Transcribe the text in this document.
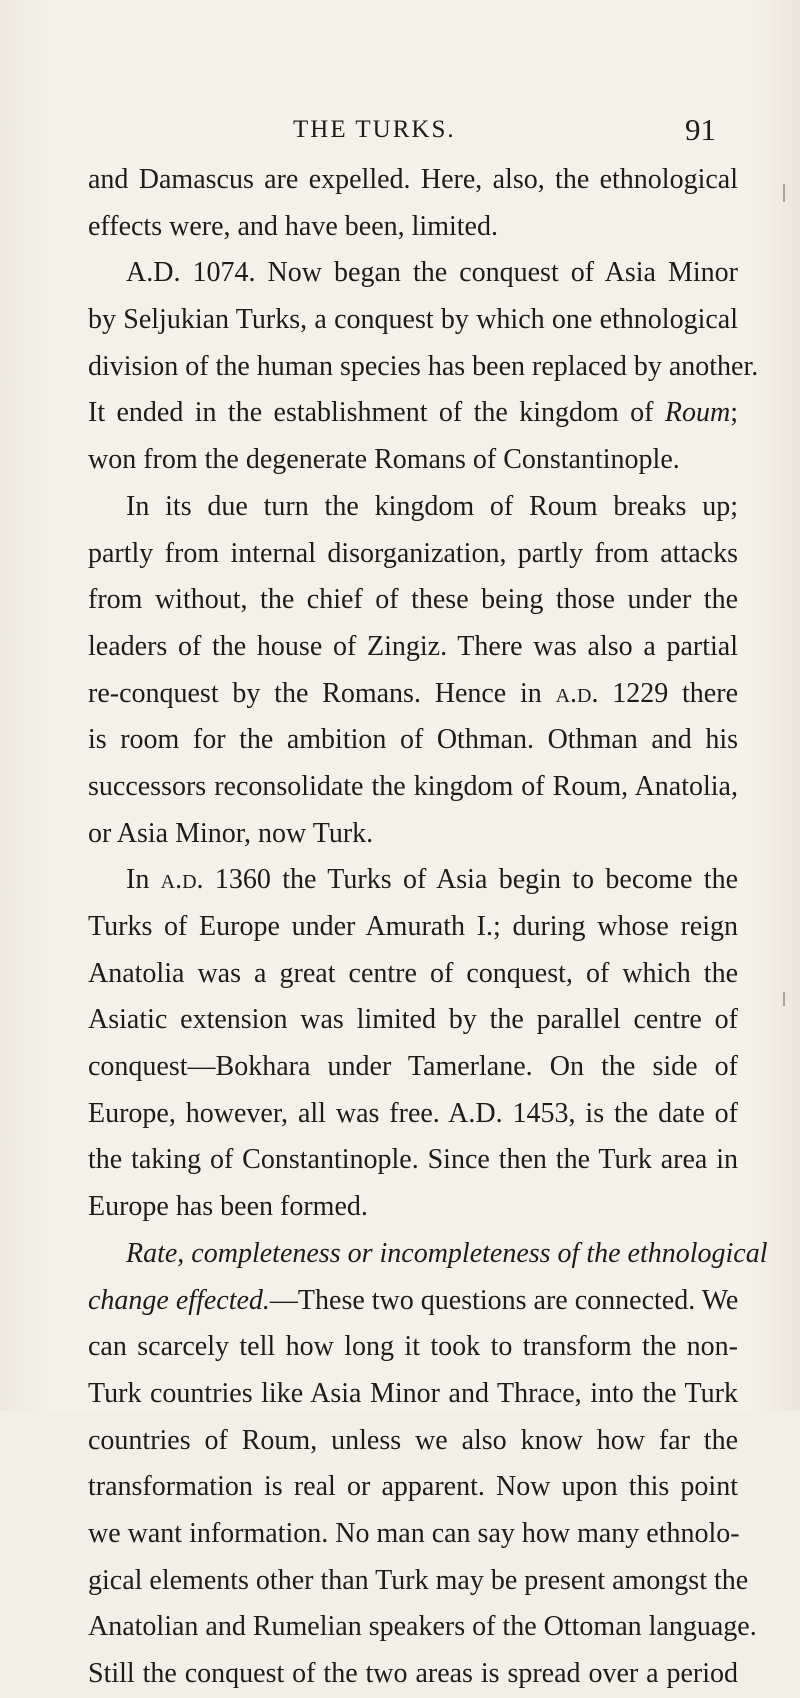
THE TURKS.	91
and Damascus are expelled. Here, also, the ethnological
effects were, and have been, limited.
A.D. 1074. Now began the conquest of Asia Minor
by Seljukian Turks, a conquest by which one ethnological
division of the human species has been replaced by another.
It ended in the establishment of the kingdom of Roum;
won from the degenerate Romans of Constantinople.
In its due turn the kingdom of Roum breaks up;
partly from internal disorganization, partly from attacks
from without, the chief of these being those under the
leaders of the house of Zingiz. There was also a partial
re-conquest by the Romans. Hence in a.d. 1229 there
is room for the ambition of Othman. Othman and his
successors reconsolidate the kingdom of Roum, Anatolia,
or Asia Minor, now Turk.
In a.d. 1360 the Turks of Asia begin to become the
Turks of Europe under Amurath I.; during whose reign
Anatolia was a great centre of conquest, of which the
Asiatic extension was limited by the parallel centre of
conquest—Bokhara under Tamerlane. On the side of
Europe, however, all was free. A.D. 1453, is the date of
the taking of Constantinople. Since then the Turk area in
Europe has been formed.
Rate, completeness or incompleteness of the ethnological
change effected.—These two questions are connected. We
can scarcely tell how long it took to transform the non-
Turk countries like Asia Minor and Thrace, into the Turk
countries of Roum, unless we also know how far the
transformation is real or apparent. Now upon this point
we want information. No man can say how many ethnolo-
gical elements other than Turk may be present amongst the
Anatolian and Rumelian speakers of the Ottoman language.
Still the conquest of the two areas is spread over a period
